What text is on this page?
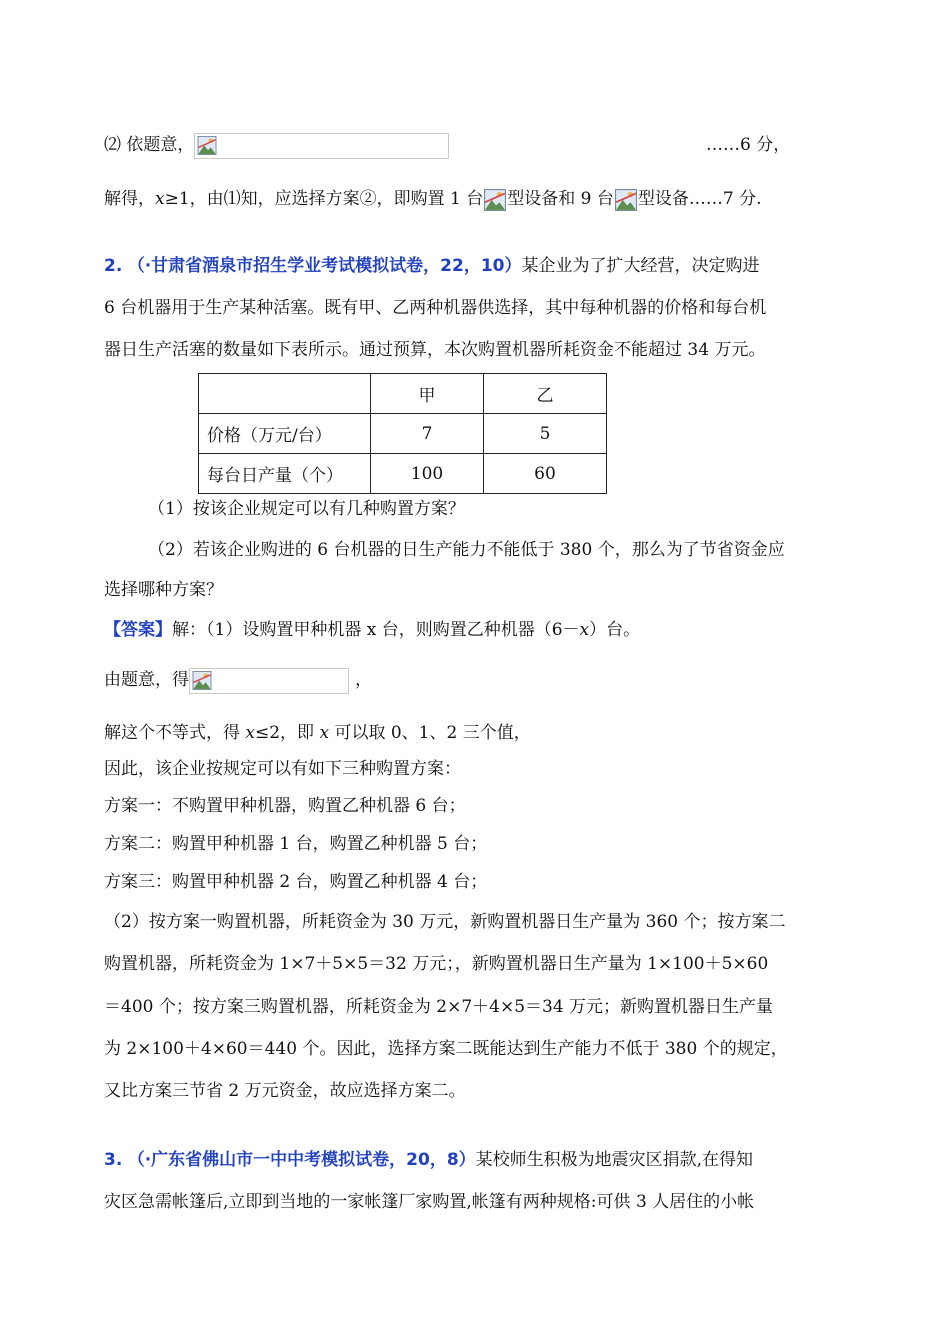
⑵ 依题意，	……6 分，
解得，x≥1，由⑴知，应选择方案②，即购置 1 台 型设备和 9 台 型设备……7 分.
2. （·甘肃省酒泉市招生学业考试模拟试卷，22，10）某企业为了扩大经营，决定购进
6 台机器用于生产某种活塞。既有甲、乙两种机器供选择，其中每种机器的价格和每台机
器日生产活塞的数量如下表所示。通过预算，本次购置机器所耗资金不能超过 34 万元。
	甲	乙
价格（万元/台）	7	5
每台日产量（个）	100	60
（1）按该企业规定可以有几种购置方案？
（2）若该企业购进的 6 台机器的日生产能力不能低于 380 个，那么为了节省资金应
选择哪种方案？
【答案】解：（1）设购置甲种机器 x 台，则购置乙种机器（6－x）台。
由题意，得	，
解这个不等式，得 x≤2，即 x 可以取 0、1、2 三个值，
因此，该企业按规定可以有如下三种购置方案：
方案一：不购置甲种机器，购置乙种机器 6 台；
方案二：购置甲种机器 1 台，购置乙种机器 5 台；
方案三：购置甲种机器 2 台，购置乙种机器 4 台；
（2）按方案一购置机器，所耗资金为 30 万元，新购置机器日生产量为 360 个；按方案二
购置机器，所耗资金为 1×7＋5×5＝32 万元；，新购置机器日生产量为 1×100＋5×60
＝400 个；按方案三购置机器，所耗资金为 2×7＋4×5＝34 万元；新购置机器日生产量
为 2×100＋4×60＝440 个。因此，选择方案二既能达到生产能力不低于 380 个的规定，
又比方案三节省 2 万元资金，故应选择方案二。
3. （·广东省佛山市一中中考模拟试卷，20，8）某校师生积极为地震灾区捐款,在得知
灾区急需帐篷后,立即到当地的一家帐篷厂家购置,帐篷有两种规格:可供 3 人居住的小帐
